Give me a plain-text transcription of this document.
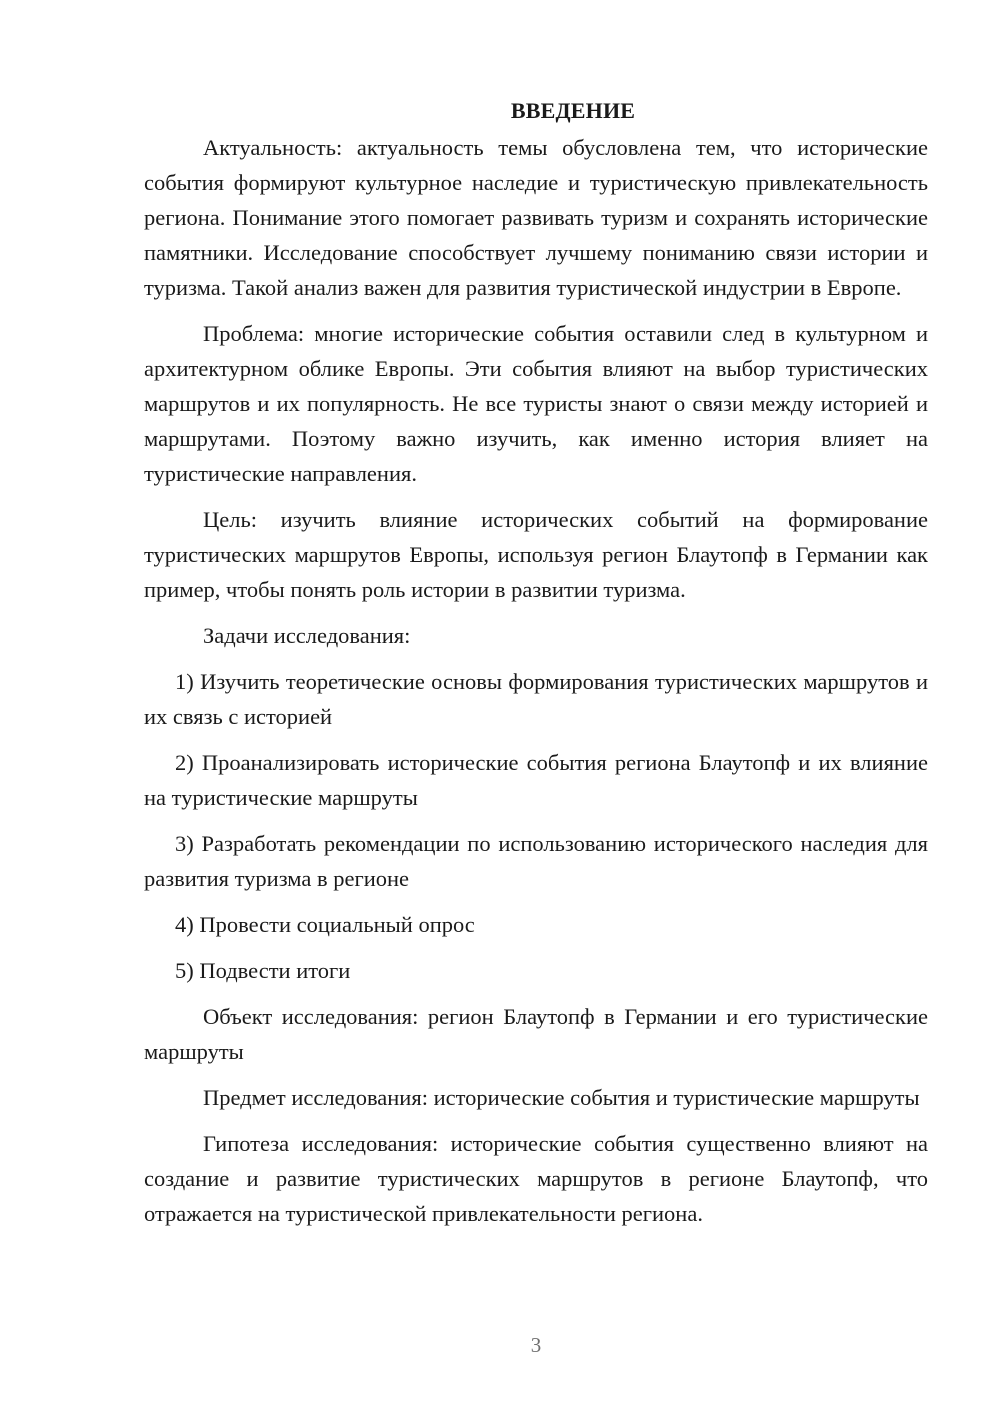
ВВЕДЕНИЕ

Актуальность: актуальность темы обусловлена тем, что исторические события формируют культурное наследие и туристическую привлекательность региона. Понимание этого помогает развивать туризм и сохранять исторические памятники. Исследование способствует лучшему пониманию связи истории и туризма. Такой анализ важен для развития туристической индустрии в Европе.

Проблема: многие исторические события оставили след в культурном и архитектурном облике Европы. Эти события влияют на выбор туристических маршрутов и их популярность. Не все туристы знают о связи между историей и маршрутами. Поэтому важно изучить, как именно история влияет на туристические направления.

Цель: изучить влияние исторических событий на формирование туристических маршрутов Европы, используя регион Блаутопф в Германии как пример, чтобы понять роль истории в развитии туризма.

Задачи исследования:

1) Изучить теоретические основы формирования туристических маршрутов и их связь с историей

2) Проанализировать исторические события региона Блаутопф и их влияние на туристические маршруты

3) Разработать рекомендации по использованию исторического наследия для развития туризма в регионе

4) Провести социальный опрос

5) Подвести итоги

Объект исследования: регион Блаутопф в Германии и его туристические маршруты

Предмет исследования: исторические события и туристические маршруты

Гипотеза исследования: исторические события существенно влияют на создание и развитие туристических маршрутов в регионе Блаутопф, что отражается на туристической привлекательности региона.

3
